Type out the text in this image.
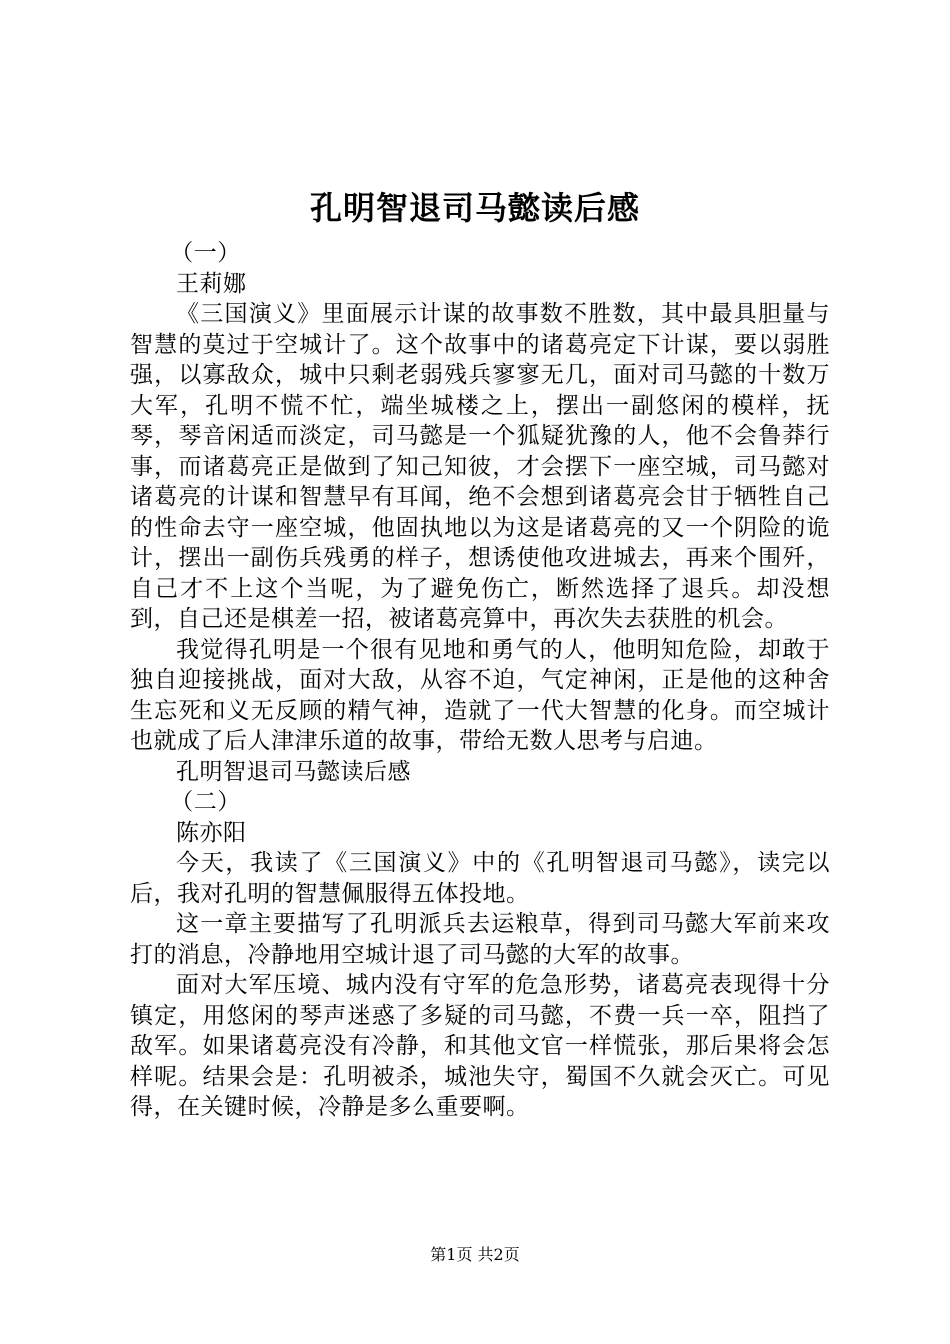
孔明智退司马懿读后感

（一）

王莉娜

《三国演义》里面展示计谋的故事数不胜数，其中最具胆量与智慧的莫过于空城计了。这个故事中的诸葛亮定下计谋，要以弱胜强，以寡敌众，城中只剩老弱残兵寥寥无几，面对司马懿的十数万大军，孔明不慌不忙，端坐城楼之上，摆出一副悠闲的模样，抚琴，琴音闲适而淡定，司马懿是一个狐疑犹豫的人，他不会鲁莽行事，而诸葛亮正是做到了知己知彼，才会摆下一座空城，司马懿对诸葛亮的计谋和智慧早有耳闻，绝不会想到诸葛亮会甘于牺牲自己的性命去守一座空城，他固执地以为这是诸葛亮的又一个阴险的诡计，摆出一副伤兵残勇的样子，想诱使他攻进城去，再来个围歼，自己才不上这个当呢，为了避免伤亡，断然选择了退兵。却没想到，自己还是棋差一招，被诸葛亮算中，再次失去获胜的机会。

我觉得孔明是一个很有见地和勇气的人，他明知危险，却敢于独自迎接挑战，面对大敌，从容不迫，气定神闲，正是他的这种舍生忘死和义无反顾的精气神，造就了一代大智慧的化身。而空城计也就成了后人津津乐道的故事，带给无数人思考与启迪。

孔明智退司马懿读后感

（二）

陈亦阳

今天，我读了《三国演义》中的《孔明智退司马懿》，读完以后，我对孔明的智慧佩服得五体投地。

这一章主要描写了孔明派兵去运粮草，得到司马懿大军前来攻打的消息，冷静地用空城计退了司马懿的大军的故事。

面对大军压境、城内没有守军的危急形势，诸葛亮表现得十分镇定，用悠闲的琴声迷惑了多疑的司马懿，不费一兵一卒，阻挡了敌军。如果诸葛亮没有冷静，和其他文官一样慌张，那后果将会怎样呢。结果会是：孔明被杀，城池失守，蜀国不久就会灭亡。可见得，在关键时候，冷静是多么重要啊。

第1页 共2页
